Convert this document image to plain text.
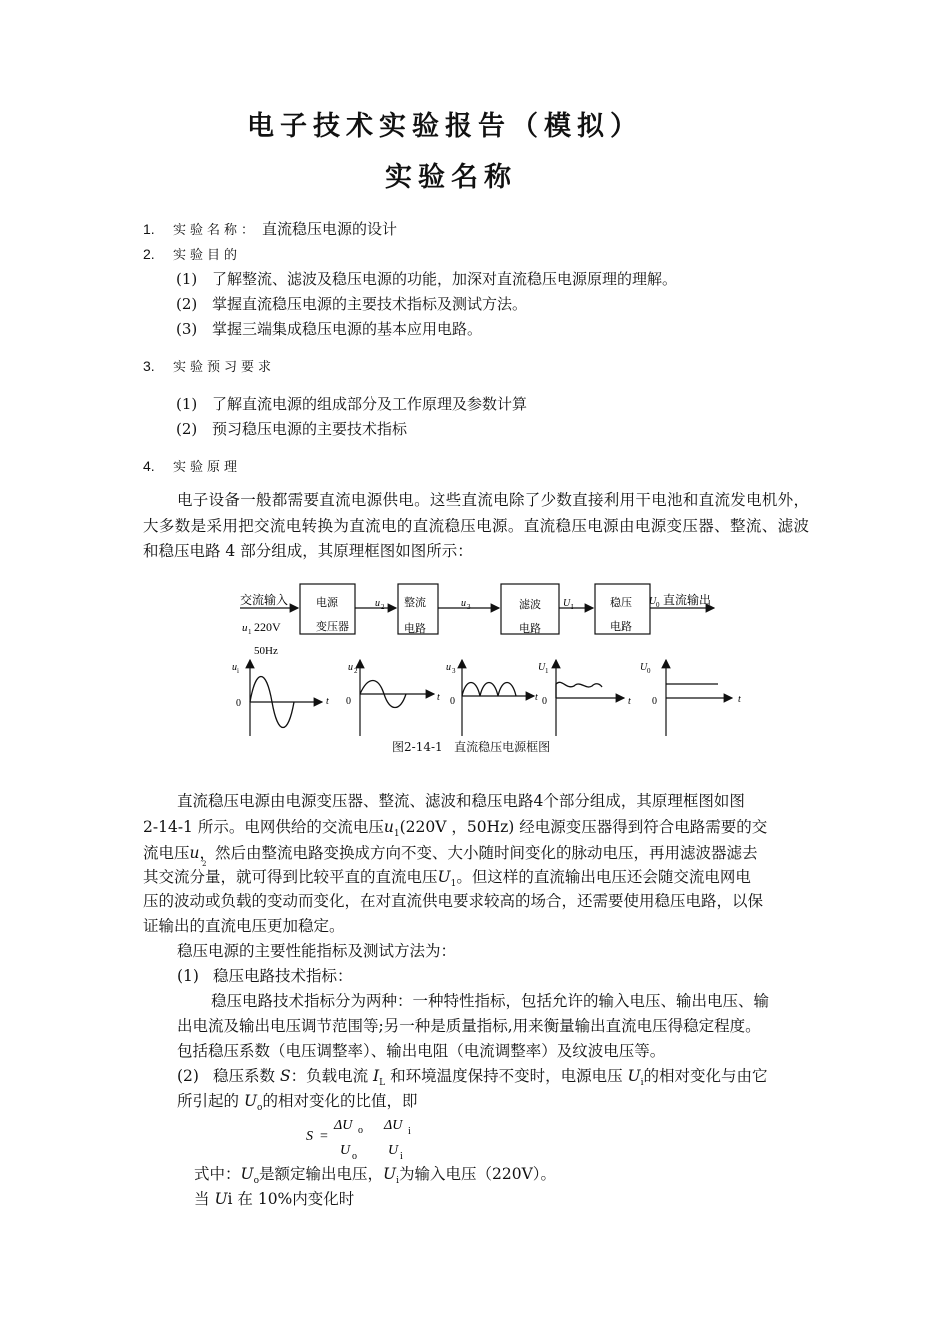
电子技术实验报告（模拟）
实验名称
1. 实验名称： 直流稳压电源的设计
2. 实验目的
(1) 了解整流、滤波及稳压电源的功能，加深对直流稳压电源原理的理解。
(2) 掌握直流稳压电源的主要技术指标及测试方法。
(3) 掌握三端集成稳压电源的基本应用电路。
3. 实验预习要求
(1) 了解直流电源的组成部分及工作原理及参数计算
(2) 预习稳压电源的主要技术指标
4. 实验原理
电子设备一般都需要直流电源供电。这些直流电除了少数直接利用干电池和直流发电机外，大多数是采用把交流电转换为直流电的直流稳压电源。直流稳压电源由电源变压器、整流、滤波和稳压电路 4 部分组成，其原理框图如图所示：
交流输入
u 1 220V
50Hz
电源
变压器
u 2 整流
电路
u 3	滤波
电路
U I	稳压
电路
U 0 直流输出
u i
0	t
u 2
0	t
u 3
0	t
U 1
0	t
U 0
0	t
图2-14-1 直流稳压电源框图
直流稳压电源由电源变压器、整流、滤波和稳压电路4个部分组成，其原理框图如图
2-14-1 所示。电网供给的交流电压$u_1(220V$ ，50Hz) 经电源变压器得到符合电路需要的交
流电压u，然后由整流电路变换成方向不变、大小随时间变化的脉动电压，再用滤波器滤去
2
其交流分量，就可得到比较平直的直流电压$U_1$。但这样的直流输出电压还会随交流电网电
压的波动或负载的变动而变化，在对直流供电要求较高的场合，还需要使用稳压电路，以保
证输出的直流电压更加稳定。
稳压电源的主要性能指标及测试方法为：
(1) 稳压电路技术指标：
稳压电路技术指标分为两种：一种特性指标，包括允许的输入电压、输出电压、输
出电流及输出电压调节范围等;另一种是质量指标,用来衡量输出直流电压得稳定程度。
包括稳压系数（电压调整率）、输出电阻（电流调整率）及纹波电压等。
(2) 稳压系数 S：负载电流 $I_L$ 和环境温度保持不变时，电源电压 $U_i$的相对变化与由它
所引起的 $U_o$的相对变化的比值，即
S =
ΔU o
U o
ΔU i
U i
式中：$U_o$是额定输出电压，$U_i$为输入电压（220V）。
当 Ui 在 10%内变化时
